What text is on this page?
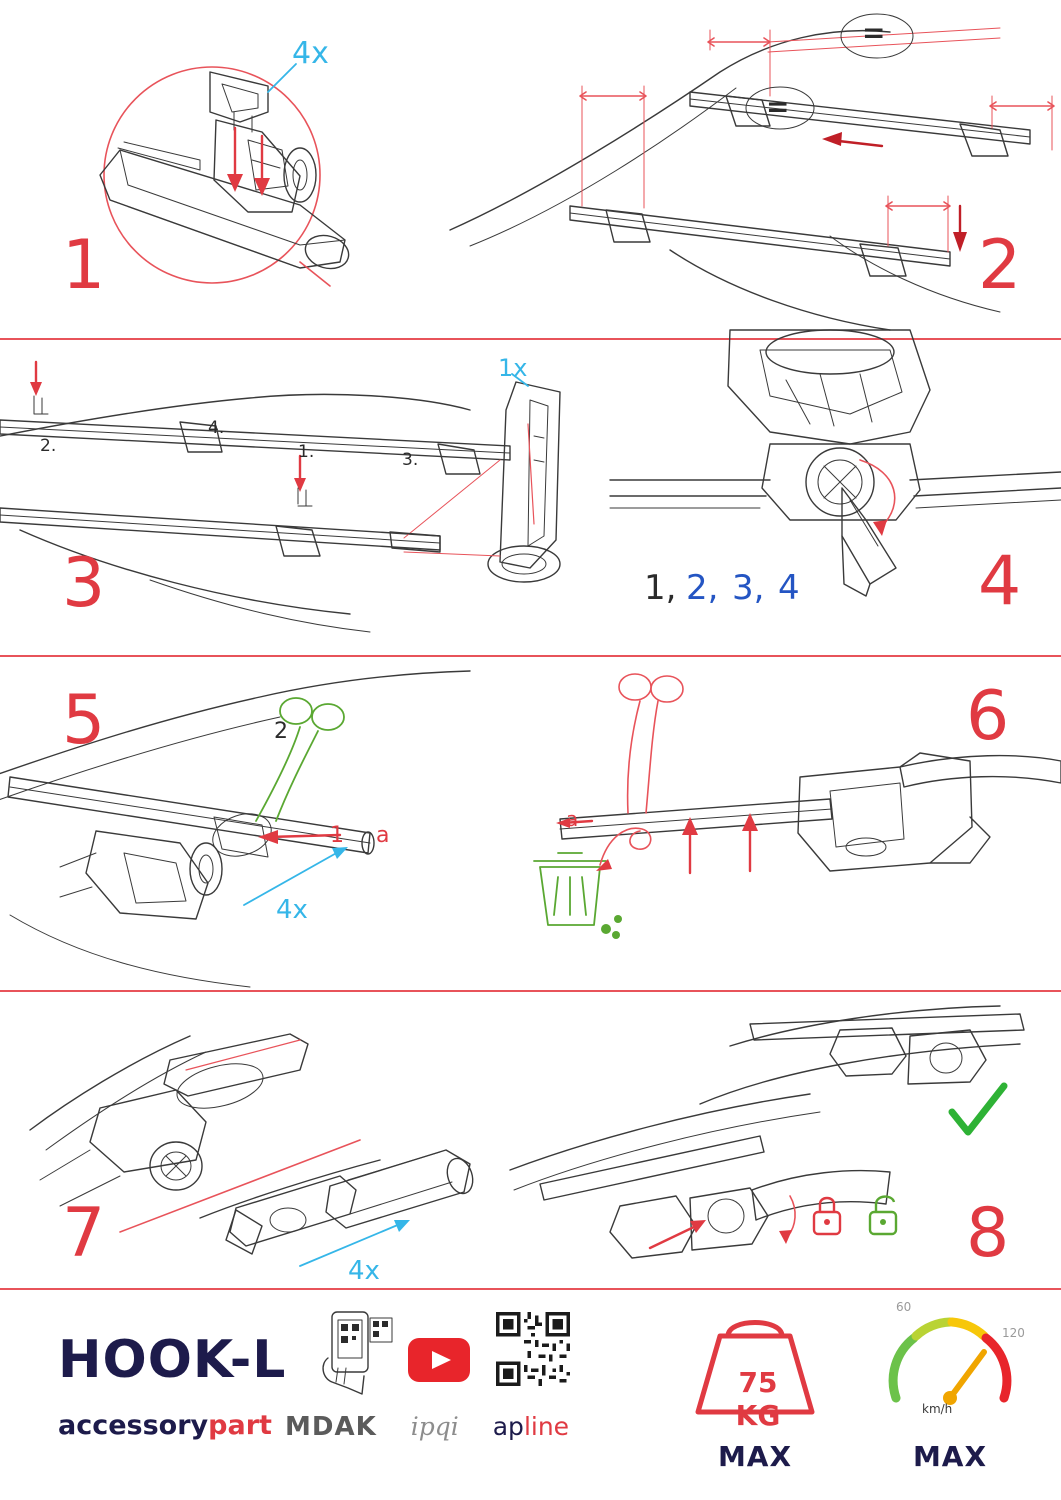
4x
1
=
=
2
1x
1.
2.
3.
4.
3	1, 2, 3, 4	4
1
2
a
4x
5
a
6
4x
7	8
HOOK-L
accessorypart MDAK ipqi apline
75 KG
MAX
60
120
km/h
MAX
